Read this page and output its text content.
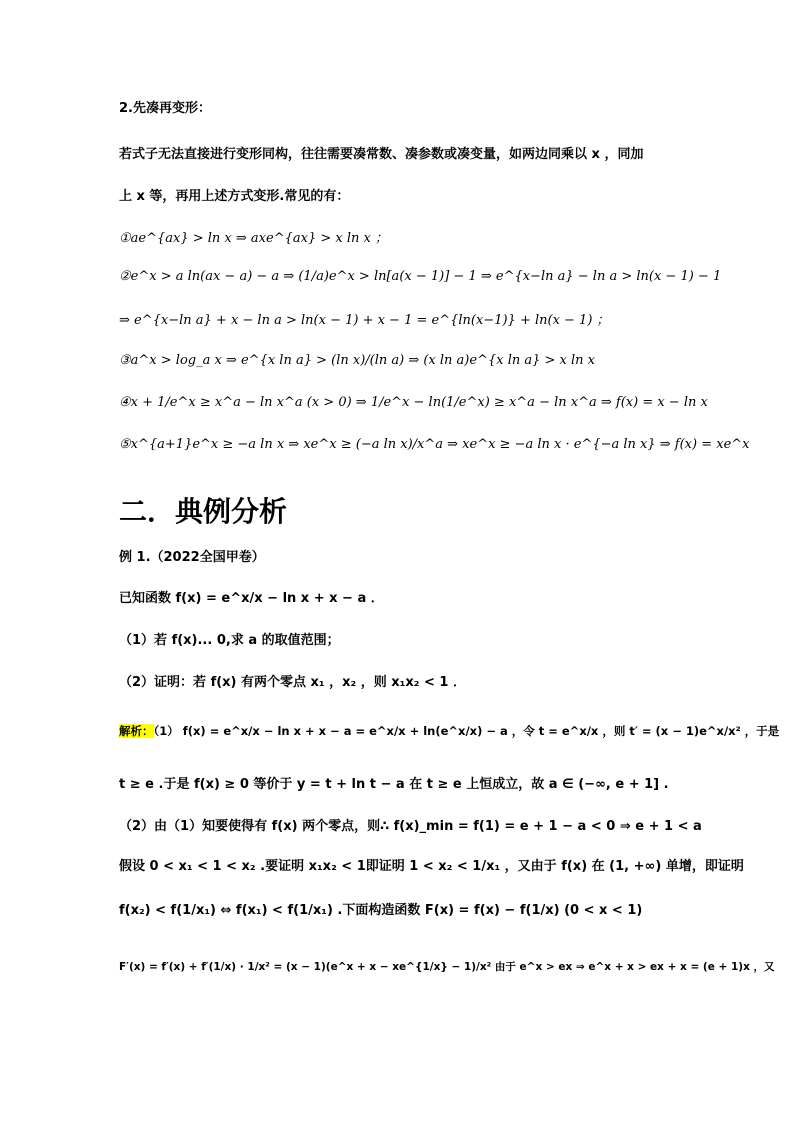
2.先凑再变形：
若式子无法直接进行变形同构，往往需要凑常数、凑参数或凑变量，如两边同乘以 x ，同加
上 x 等，再用上述方式变形.常见的有：
①ae^{ax} > ln x ⇒ axe^{ax} > x ln x ；
②e^x > a ln(ax − a) − a ⇒ (1/a)e^x > ln[a(x − 1)] − 1 ⇒ e^{x−ln a} − ln a > ln(x − 1) − 1
⇒ e^{x−ln a} + x − ln a > ln(x − 1) + x − 1 = e^{ln(x−1)} + ln(x − 1) ；
③a^x > log_a x ⇒ e^{x ln a} > (ln x)/(ln a) ⇒ (x ln a)e^{x ln a} > x ln x
④x + 1/e^x ≥ x^a − ln x^a (x > 0) ⇒ 1/e^x − ln(1/e^x) ≥ x^a − ln x^a ⇒ f(x) = x − ln x
⑤x^{a+1}e^x ≥ −a ln x ⇒ xe^x ≥ (−a ln x)/x^a ⇒ xe^x ≥ −a ln x · e^{−a ln x} ⇒ f(x) = xe^x
二．典例分析
例 1.（2022全国甲卷）
已知函数 f(x) = e^x/x − ln x + x − a ．
（1）若 f(x)... 0,求 a 的取值范围；
（2）证明：若 f(x) 有两个零点 x₁ ，x₂ ，则 x₁x₂ < 1 ．
解析：（1） f(x) = e^x/x − ln x + x − a = e^x/x + ln(e^x/x) − a ，令 t = e^x/x ，则 t′ = (x − 1)e^x/x² ，于是
t ≥ e .于是 f(x) ≥ 0 等价于 y = t + ln t − a 在 t ≥ e 上恒成立，故 a ∈ (−∞, e + 1] .
（2）由（1）知要使得有 f(x) 两个零点，则∴ f(x)_min = f(1) = e + 1 − a < 0 ⇒ e + 1 < a
假设 0 < x₁ < 1 < x₂ .要证明 x₁x₂ < 1即证明 1 < x₂ < 1/x₁ ，又由于 f(x) 在 (1, +∞) 单增，即证明
f(x₂) < f(1/x₁) ⇔ f(x₁) < f(1/x₁) .下面构造函数 F(x) = f(x) − f(1/x) (0 < x < 1)
F′(x) = f′(x) + f′(1/x) · 1/x² = (x − 1)(e^x + x − xe^{1/x} − 1)/x² 由于 e^x > ex ⇒ e^x + x > ex + x = (e + 1)x ，又
